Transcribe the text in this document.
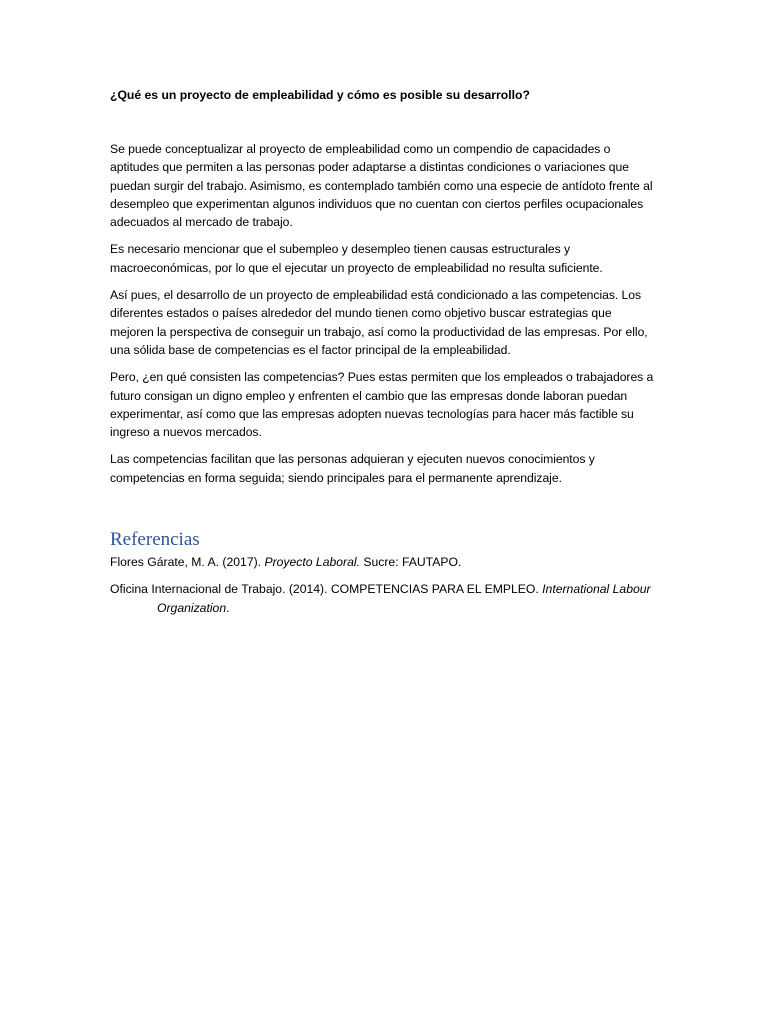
¿Qué es un proyecto de empleabilidad y cómo es posible su desarrollo?

Se puede conceptualizar al proyecto de empleabilidad como un compendio de capacidades o aptitudes que permiten a las personas poder adaptarse a distintas condiciones o variaciones que puedan surgir del trabajo. Asimismo, es contemplado también como una especie de antídoto frente al desempleo que experimentan algunos individuos que no cuentan con ciertos perfiles ocupacionales adecuados al mercado de trabajo.

Es necesario mencionar que el subempleo y desempleo tienen causas estructurales y macroeconómicas, por lo que el ejecutar un proyecto de empleabilidad no resulta suficiente.

Así pues, el desarrollo de un proyecto de empleabilidad está condicionado a las competencias. Los diferentes estados o países alrededor del mundo tienen como objetivo buscar estrategias que mejoren la perspectiva de conseguir un trabajo, así como la productividad de las empresas. Por ello, una sólida base de competencias es el factor principal de la empleabilidad.

Pero, ¿en qué consisten las competencias? Pues estas permiten que los empleados o trabajadores a futuro consigan un digno empleo y enfrenten el cambio que las empresas donde laboran puedan experimentar, así como que las empresas adopten nuevas tecnologías para hacer más factible su ingreso a nuevos mercados.

Las competencias facilitan que las personas adquieran y ejecuten nuevos conocimientos y competencias en forma seguida; siendo principales para el permanente aprendizaje.

Referencias

Flores Gárate, M. A. (2017). Proyecto Laboral. Sucre: FAUTAPO.

Oficina Internacional de Trabajo. (2014). COMPETENCIAS PARA EL EMPLEO. International Labour Organization.
